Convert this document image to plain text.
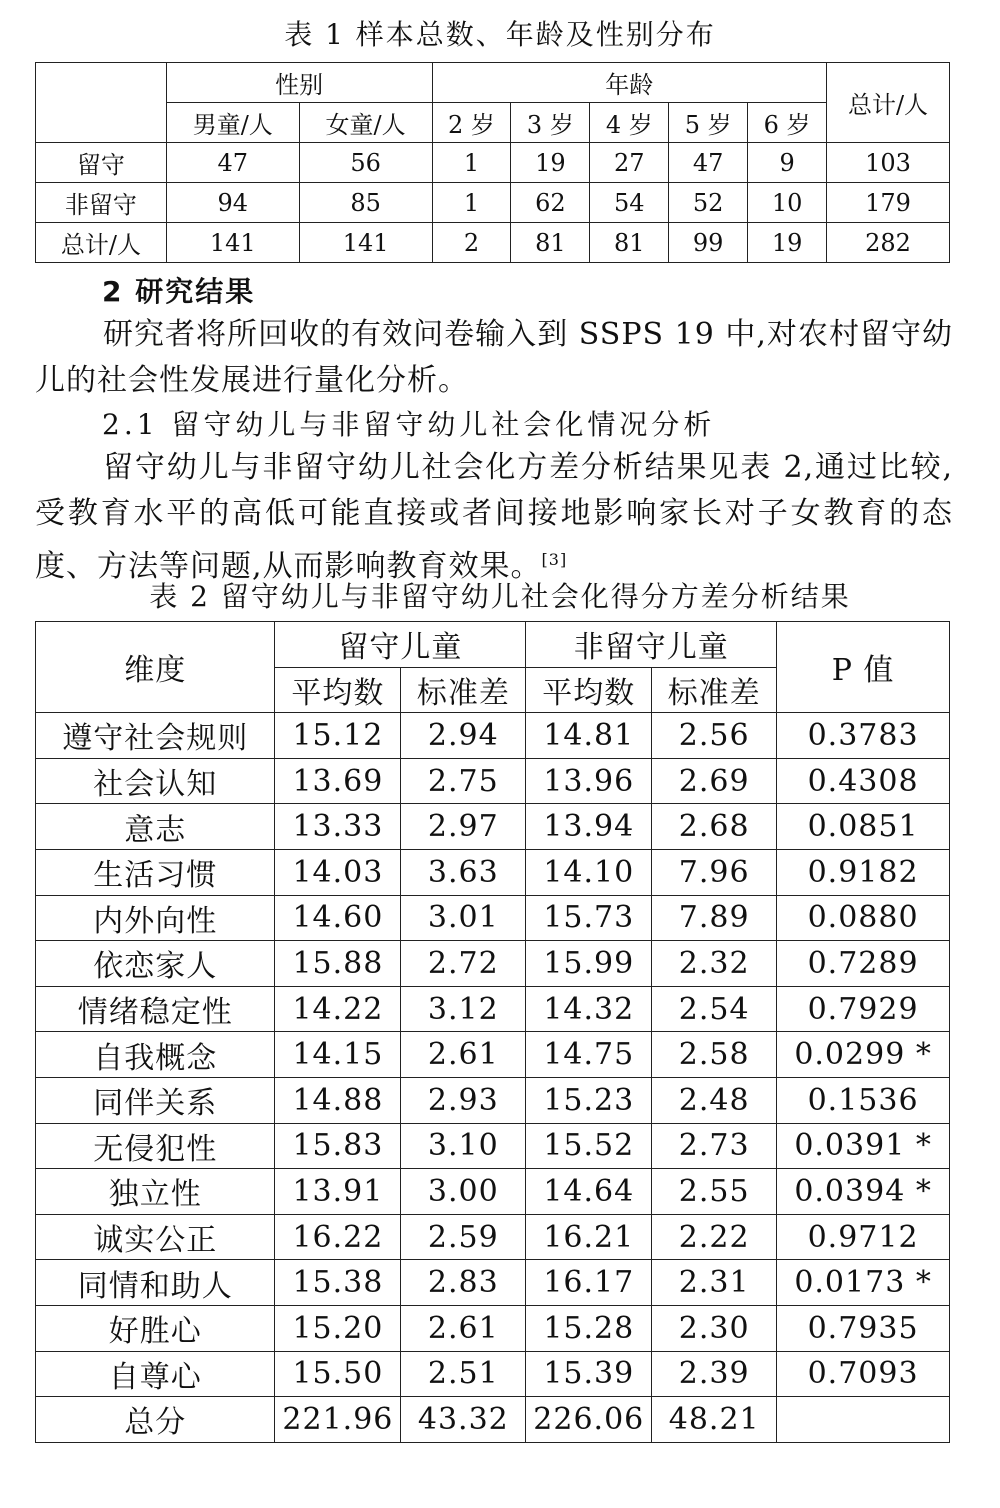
表 1 样本总数、年龄及性别分布
	性别		年龄					总计/人
	男童/人	女童/人	2 岁	3 岁	4 岁	5 岁	6 岁	
留守	47	56	1	19	27	47	9	103
非留守	94	85	1	62	54	52	10	179
总计/人	141	141	2	81	81	99	19	282
2 研究结果
研究者将所回收的有效问卷输入到 SSPS 19 中,对农村留守幼儿的社会性发展进行量化分析。
2.1 留守幼儿与非留守幼儿社会化情况分析
留守幼儿与非留守幼儿社会化方差分析结果见表 2,通过比较,受教育水平的高低可能直接或者间接地影响家长对子女教育的态度、方法等问题,从而影响教育效果。[3]
表 2 留守幼儿与非留守幼儿社会化得分方差分析结果
维度	留守儿童		非留守儿童		P 值
	平均数	标准差	平均数	标准差	
遵守社会规则	15.12	2.94	14.81	2.56	0.3783
社会认知	13.69	2.75	13.96	2.69	0.4308
意志	13.33	2.97	13.94	2.68	0.0851
生活习惯	14.03	3.63	14.10	7.96	0.9182
内外向性	14.60	3.01	15.73	7.89	0.0880
依恋家人	15.88	2.72	15.99	2.32	0.7289
情绪稳定性	14.22	3.12	14.32	2.54	0.7929
自我概念	14.15	2.61	14.75	2.58	0.0299 *
同伴关系	14.88	2.93	15.23	2.48	0.1536
无侵犯性	15.83	3.10	15.52	2.73	0.0391 *
独立性	13.91	3.00	14.64	2.55	0.0394 *
诚实公正	16.22	2.59	16.21	2.22	0.9712
同情和助人	15.38	2.83	16.17	2.31	0.0173 *
好胜心	15.20	2.61	15.28	2.30	0.7935
自尊心	15.50	2.51	15.39	2.39	0.7093
总分	221.96	43.32	226.06	48.21	
